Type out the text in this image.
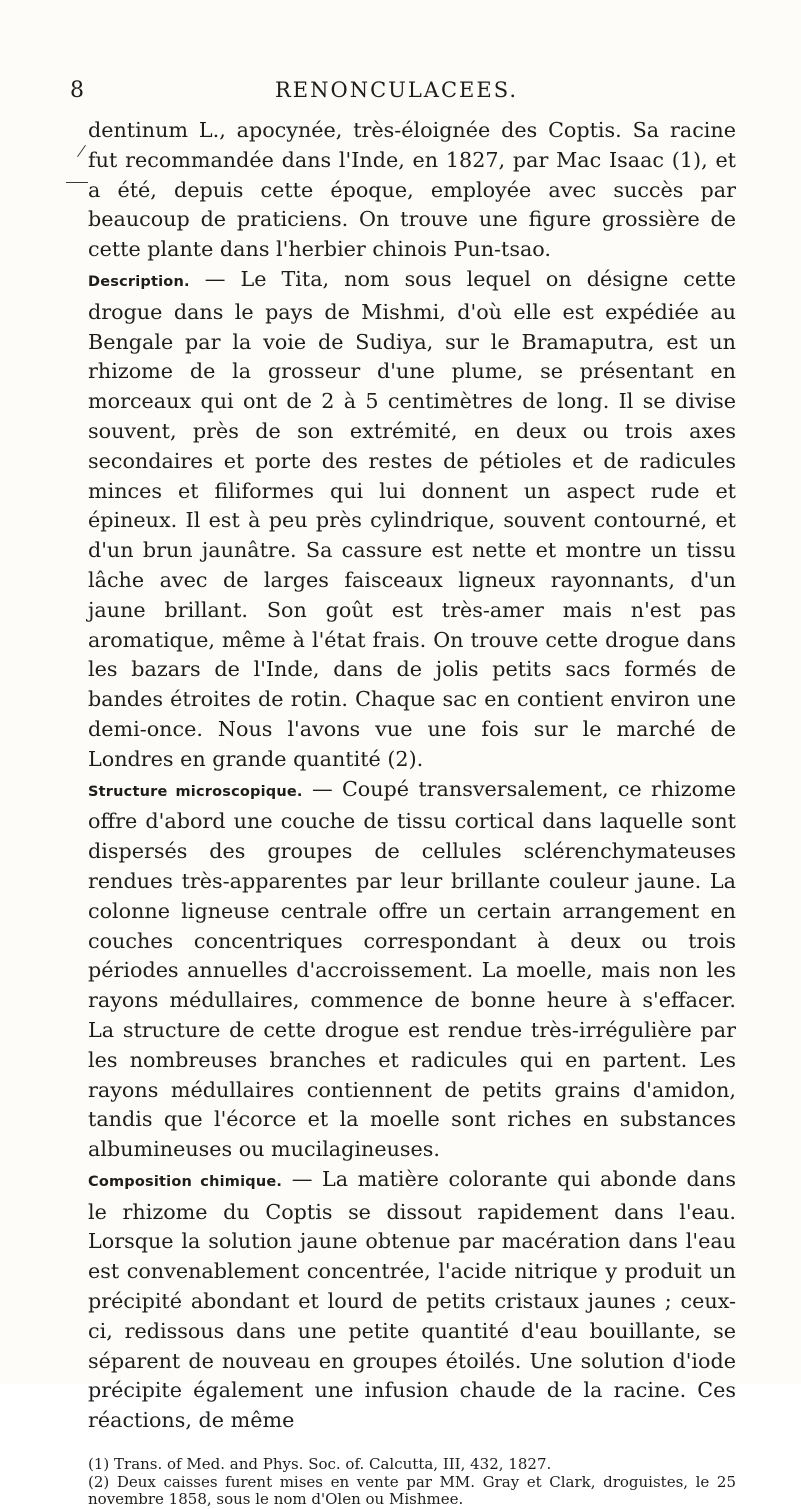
8	RENONCULACEES.

dentinum L., apocynée, très-éloignée des Coptis. Sa racine fut recommandée dans l'Inde, en 1827, par Mac Isaac (1), et a été, depuis cette époque, employée avec succès par beaucoup de praticiens. On trouve une figure grossière de cette plante dans l'herbier chinois Pun-tsao.

Description. — Le Tita, nom sous lequel on désigne cette drogue dans le pays de Mishmi, d'où elle est expédiée au Bengale par la voie de Sudiya, sur le Bramaputra, est un rhizome de la grosseur d'une plume, se présentant en morceaux qui ont de 2 à 5 centimètres de long. Il se divise souvent, près de son extrémité, en deux ou trois axes secondaires et porte des restes de pétioles et de radicules minces et filiformes qui lui donnent un aspect rude et épineux. Il est à peu près cylindrique, souvent contourné, et d'un brun jaunâtre. Sa cassure est nette et montre un tissu lâche avec de larges faisceaux ligneux rayonnants, d'un jaune brillant. Son goût est très-amer mais n'est pas aromatique, même à l'état frais. On trouve cette drogue dans les bazars de l'Inde, dans de jolis petits sacs formés de bandes étroites de rotin. Chaque sac en contient environ une demi-once. Nous l'avons vue une fois sur le marché de Londres en grande quantité (2).

Structure microscopique. — Coupé transversalement, ce rhizome offre d'abord une couche de tissu cortical dans laquelle sont dispersés des groupes de cellules sclérenchymateuses rendues très-apparentes par leur brillante couleur jaune. La colonne ligneuse centrale offre un certain arrangement en couches concentriques correspondant à deux ou trois périodes annuelles d'accroissement. La moelle, mais non les rayons médullaires, commence de bonne heure à s'effacer. La structure de cette drogue est rendue très-irrégulière par les nombreuses branches et radicules qui en partent. Les rayons médullaires contiennent de petits grains d'amidon, tandis que l'écorce et la moelle sont riches en substances albumineuses ou mucilagineuses.

Composition chimique. — La matière colorante qui abonde dans le rhizome du Coptis se dissout rapidement dans l'eau. Lorsque la solution jaune obtenue par macération dans l'eau est convenablement concentrée, l'acide nitrique y produit un précipité abondant et lourd de petits cristaux jaunes ; ceux-ci, redissous dans une petite quantité d'eau bouillante, se séparent de nouveau en groupes étoilés. Une solution d'iode précipite également une infusion chaude de la racine. Ces réactions, de même

(1) Trans. of Med. and Phys. Soc. of. Calcutta, III, 432, 1827.

(2) Deux caisses furent mises en vente par MM. Gray et Clark, droguistes, le 25 novembre 1858, sous le nom d'Olen ou Mishmee.
